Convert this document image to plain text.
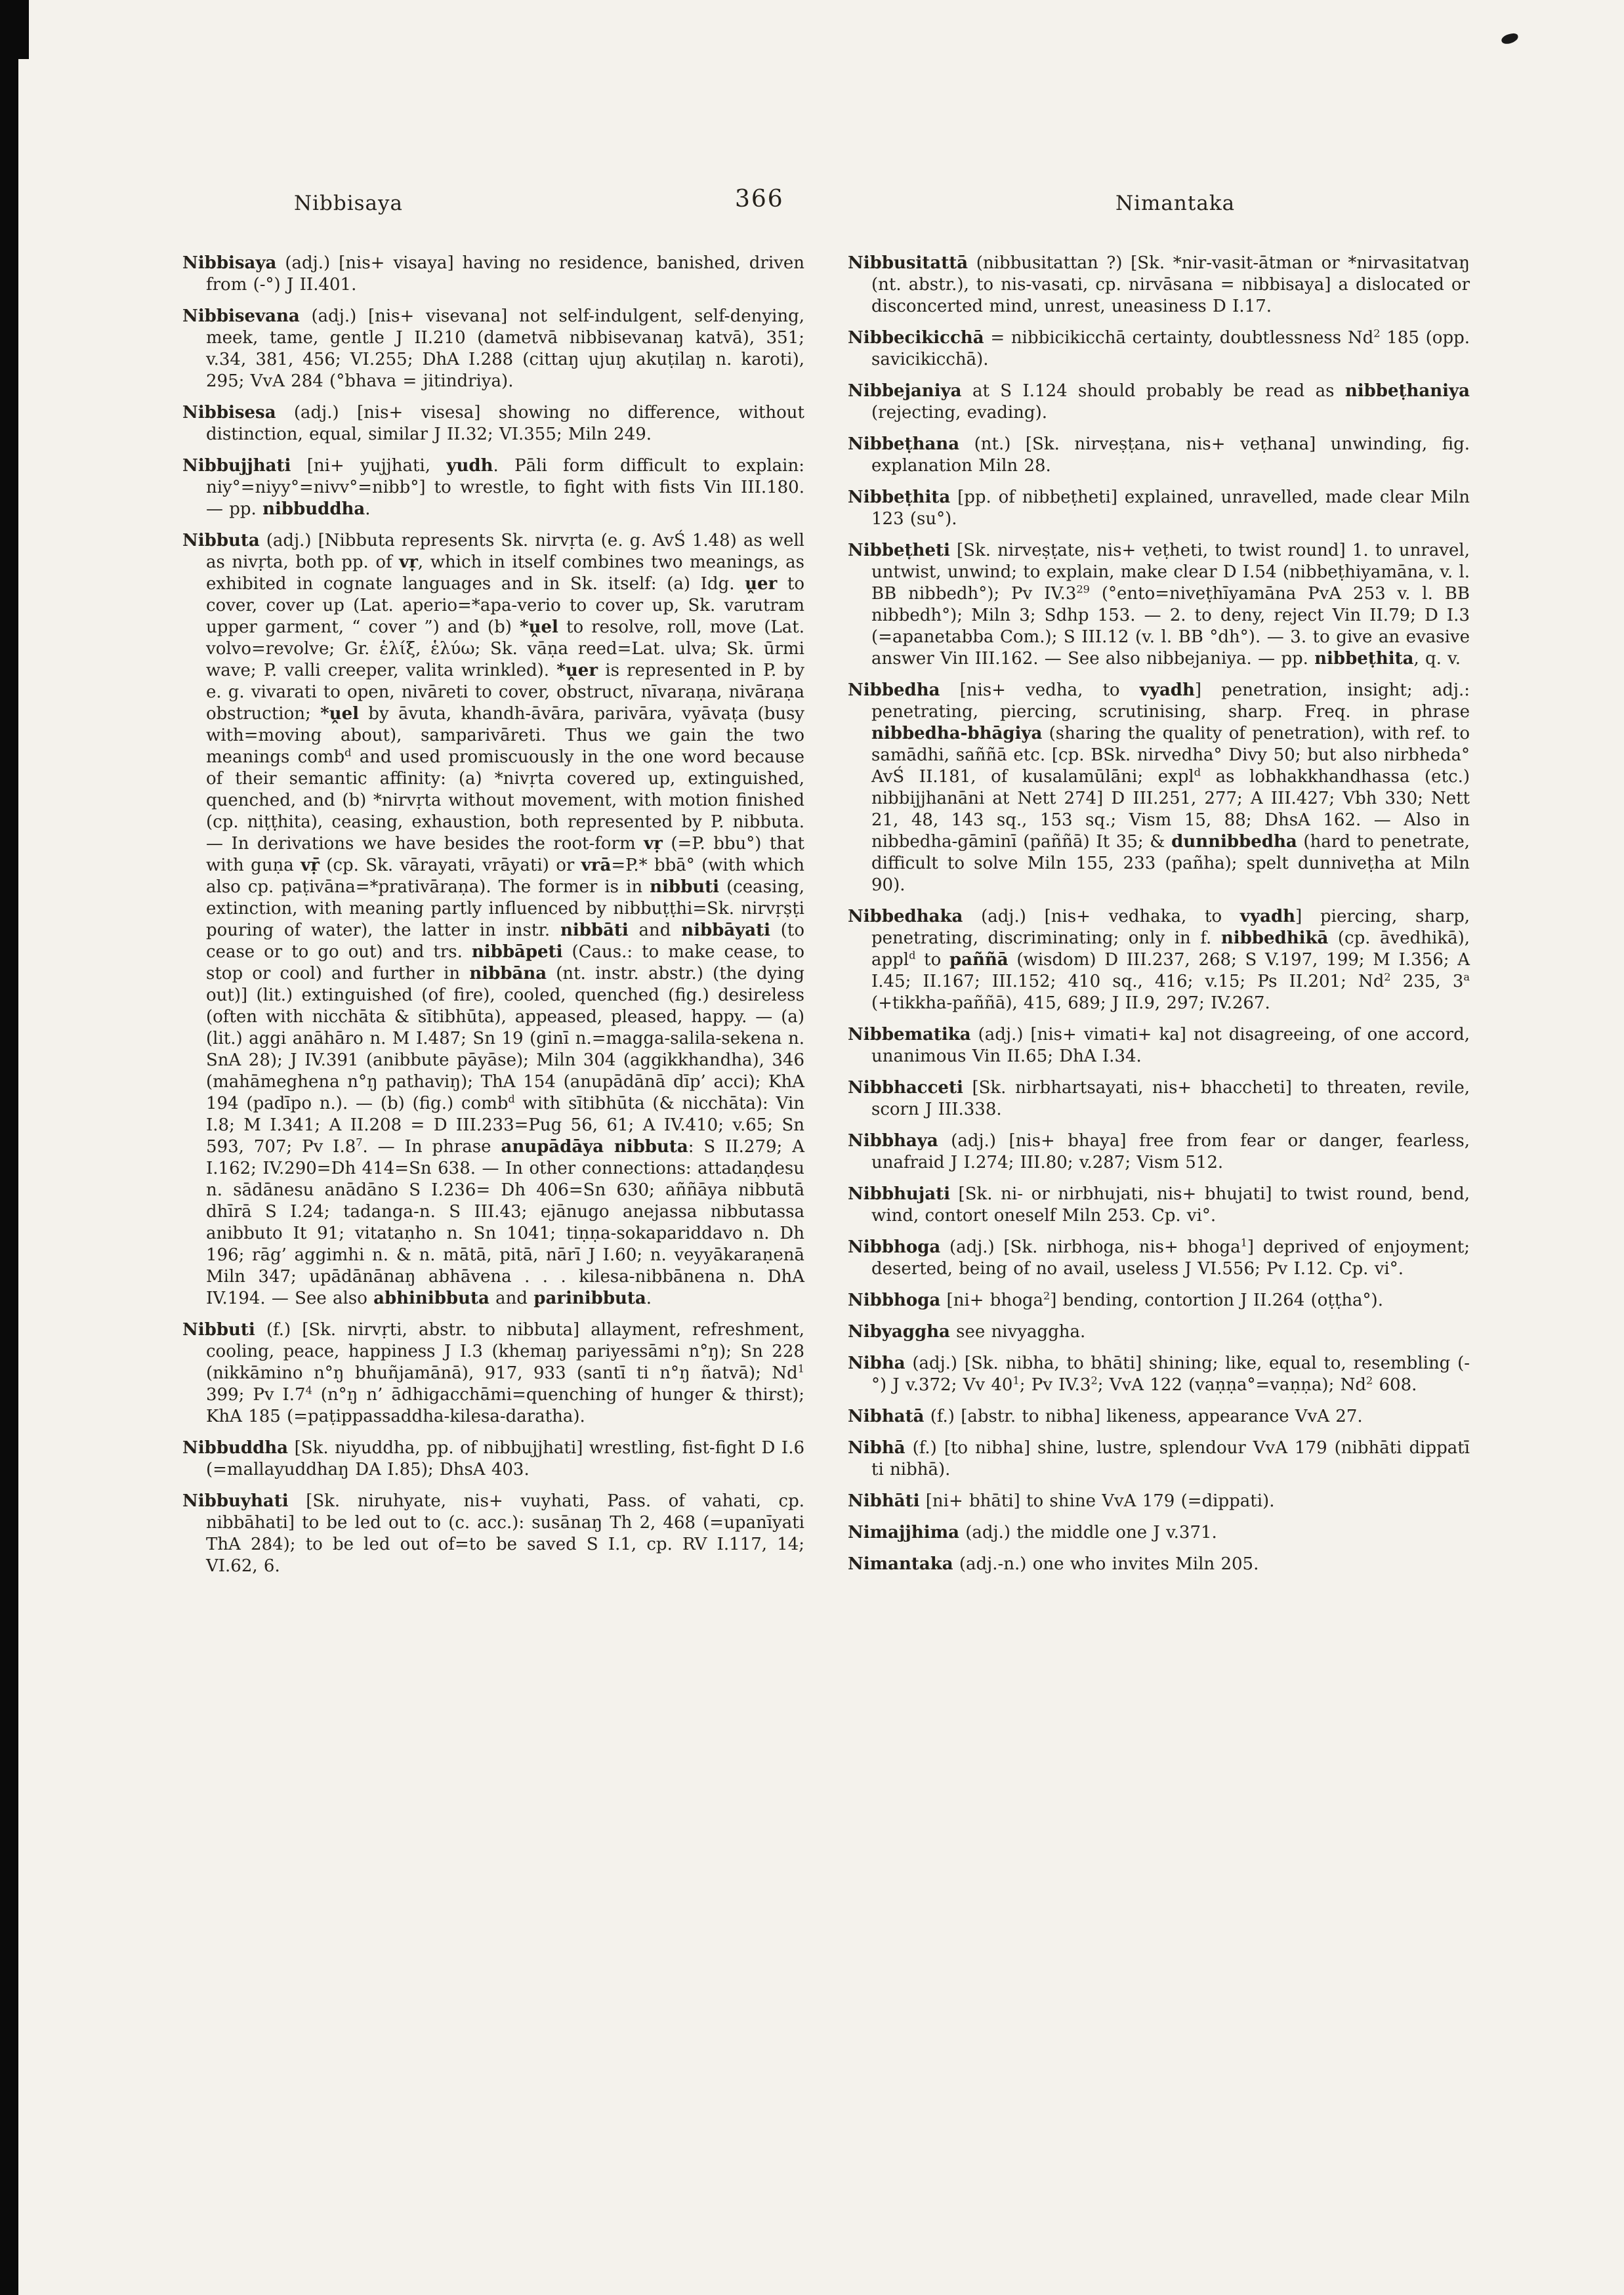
Nibbisaya	366	Nimantaka

Nibbisaya (adj.) [nis+ visaya] having no residence, banished, driven from (-°) J II.401.

Nibbisevana (adj.) [nis+ visevana] not self-indulgent, self-denying, meek, tame, gentle J II.210 (dametvā nibbisevanaŋ katvā), 351; v.34, 381, 456; VI.255; DhA I.288 (cittaŋ ujuŋ akuṭilaŋ n. karoti), 295; VvA 284 (°bhava = jitindriya).

Nibbisesa (adj.) [nis+ visesa] showing no difference, without distinction, equal, similar J II.32; VI.355; Miln 249.

Nibbujjhati [ni+ yujjhati, yudh. Pāli form difficult to explain: niy°=niyy°=nivv°=nibb°] to wrestle, to fight with fists Vin III.180. — pp. nibbuddha.

Nibbuta (adj.) [Nibbuta represents Sk. nirvṛta (e. g. AvŚ 1.48) as well as nivṛta, both pp. of vṛ, which in itself combines two meanings, as exhibited in cognate languages and in Sk. itself: (a) Idg. ṷer to cover, cover up (Lat. aperio=*apa-verio to cover up, Sk. varutram upper garment, “ cover ”) and (b) *ṷel to resolve, roll, move (Lat. volvo=revolve; Gr. ἑλίξ, ἑλύω; Sk. vāṇa reed=Lat. ulva; Sk. ūrmi wave; P. valli creeper, valita wrinkled). *ṷer is represented in P. by e. g. vivarati to open, nivāreti to cover, obstruct, nīvaraṇa, nivāraṇa obstruction; *ṷel by āvuta, khandh-āvāra, parivāra, vyāvaṭa (busy with=moving about), samparivāreti. Thus we gain the two meanings comb$^d$ and used promiscuously in the one word because of their semantic affinity: (a) *nivṛta covered up, extinguished, quenched, and (b) *nirvṛta without movement, with motion finished (cp. niṭṭhita), ceasing, exhaustion, both represented by P. nibbuta. — In derivations we have besides the root-form vṛ (=P. bbu°) that with guṇa vṝ (cp. Sk. vārayati, vrāyati) or vrā=P.* bbā° (with which also cp. paṭivāna=*prativāraṇa). The former is in nibbuti (ceasing, extinction, with meaning partly influenced by nibbuṭṭhi=Sk. nirvṛṣṭi pouring of water), the latter in instr. nibbāti and nibbāyati (to cease or to go out) and trs. nibbāpeti (Caus.: to make cease, to stop or cool) and further in nibbāna (nt. instr. abstr.) (the dying out)] (lit.) extinguished (of fire), cooled, quenched (fig.) desireless (often with nicchāta & sītibhūta), appeased, pleased, happy. — (a) (lit.) aggi anāhāro n. M I.487; Sn 19 (ginī n.=magga-salila-sekena n. SnA 28); J IV.391 (anibbute pāyāse); Miln 304 (aggikkhandha), 346 (mahāmeghena n°ŋ pathaviŋ); ThA 154 (anupādānā dīp’ acci); KhA 194 (padīpo n.). — (b) (fig.) comb$^d$ with sītibhūta (& nicchāta): Vin I.8; M I.341; A II.208 = D III.233=Pug 56, 61; A IV.410; v.65; Sn 593, 707; Pv $I.8^7$. — In phrase anupādāya nibbuta: S II.279; A I.162; IV.290=Dh 414=Sn 638. — In other connections: attadaṇḍesu n. sādānesu anādāno S I.236= Dh 406=Sn 630; aññāya nibbutā dhīrā S I.24; tadanga-n. S III.43; ejānugo anejassa nibbutassa anibbuto It 91; vitataṇho n. Sn 1041; tiṇṇa-sokapariddavo n. Dh 196; rāg’ aggimhi n. & n. mātā, pitā, nārī J I.60; n. veyyākaraṇenā Miln 347; upādānānaŋ abhāvena . . . kilesa-nibbānena n. DhA IV.194. — See also abhinibbuta and parinibbuta.

Nibbuti (f.) [Sk. nirvṛti, abstr. to nibbuta] allayment, refreshment, cooling, peace, happiness J I.3 (khemaŋ pariyessāmi n°ŋ); Sn 228 (nikkāmino n°ŋ bhuñjamānā), 917, 933 (santī ti n°ŋ ñatvā); Nd$^1$ 399; Pv $I.7^4$ (n°ŋ n’ ādhigacchāmi=quenching of hunger & thirst); KhA 185 (=paṭippassaddha-kilesa-daratha).

Nibbuddha [Sk. niyuddha, pp. of nibbujjhati] wrestling, fist-fight D I.6 (=mallayuddhaŋ DA I.85); DhsA 403.

Nibbuyhati [Sk. niruhyate, nis+ vuyhati, Pass. of vahati, cp. nibbāhati] to be led out to (c. acc.): susānaŋ Th 2, 468 (=upanīyati ThA 284); to be led out of=to be saved S I.1, cp. RV I.117, 14; VI.62, 6.

Nibbusitattā (nibbusitattan ?) [Sk. *nir-vasit-ātman or *nirvasitatvaŋ (nt. abstr.), to nis-vasati, cp. nirvāsana = nibbisaya] a dislocated or disconcerted mind, unrest, uneasiness D I.17.

Nibbecikicchā = nibbicikicchā certainty, doubtlessness Nd$^2$ 185 (opp. savicikicchā).

Nibbejaniya at S I.124 should probably be read as nibbeṭhaniya (rejecting, evading).

Nibbeṭhana (nt.) [Sk. nirveṣṭana, nis+ veṭhana] unwinding, fig. explanation Miln 28.

Nibbeṭhita [pp. of nibbeṭheti] explained, unravelled, made clear Miln 123 (su°).

Nibbeṭheti [Sk. nirveṣṭate, nis+ veṭheti, to twist round] 1. to unravel, untwist, unwind; to explain, make clear D I.54 (nibbeṭhiyamāna, v. l. BB nibbedh°); Pv $IV.3^{29}$ (°ento=niveṭhīyamāna PvA 253 v. l. BB nibbedh°); Miln 3; Sdhp 153. — 2. to deny, reject Vin II.79; D I.3 (=apanetabba Com.); S III.12 (v. l. BB °dh°). — 3. to give an evasive answer Vin III.162. — See also nibbejaniya. — pp. nibbeṭhita, q. v.

Nibbedha [nis+ vedha, to vyadh] penetration, insight; adj.: penetrating, piercing, scrutinising, sharp. Freq. in phrase nibbedha-bhāgiya (sharing the quality of penetration), with ref. to samādhi, saññā etc. [cp. BSk. nirvedha° Divy 50; but also nirbheda° AvŚ II.181, of kusalamūlāni; expl$^d$ as lobhakkhandhassa (etc.) nibbijjhanāni at Nett 274] D III.251, 277; A III.427; Vbh 330; Nett 21, 48, 143 sq., 153 sq.; Vism 15, 88; DhsA 162. — Also in nibbedha-gāminī (paññā) It 35; & dunnibbedha (hard to penetrate, difficult to solve Miln 155, 233 (pañha); spelt dunniveṭha at Miln 90).

Nibbedhaka (adj.) [nis+ vedhaka, to vyadh] piercing, sharp, penetrating, discriminating; only in f. nibbedhikā (cp. āvedhikā), appl$^d$ to paññā (wisdom) D III.237, 268; S V.197, 199; M I.356; A I.45; II.167; III.152; 410 sq., 416; v.15; Ps II.201; Nd$^2$ 235, 3$^a$ (+tikkha-paññā), 415, 689; J II.9, 297; IV.267.

Nibbematika (adj.) [nis+ vimati+ ka] not disagreeing, of one accord, unanimous Vin II.65; DhA I.34.

Nibbhacceti [Sk. nirbhartsayati, nis+ bhaccheti] to threaten, revile, scorn J III.338.

Nibbhaya (adj.) [nis+ bhaya] free from fear or danger, fearless, unafraid J I.274; III.80; v.287; Vism 512.

Nibbhujati [Sk. ni- or nirbhujati, nis+ bhujati] to twist round, bend, wind, contort oneself Miln 253. Cp. vi°.

Nibbhoga (adj.) [Sk. nirbhoga, nis+ bhoga$^1$] deprived of enjoyment; deserted, being of no avail, useless J VI.556; Pv I.12. Cp. vi°.

Nibbhoga [ni+ bhoga$^2$] bending, contortion J II.264 (oṭṭha°).

Nibyaggha see nivyaggha.

Nibha (adj.) [Sk. nibha, to bhāti] shining; like, equal to, resembling (-°) J v.372; Vv $40^1$; Pv $IV.3^2$; VvA 122 (vaṇṇa°=vaṇṇa); Nd$^2$ 608.

Nibhatā (f.) [abstr. to nibha] likeness, appearance VvA 27.

Nibhā (f.) [to nibha] shine, lustre, splendour VvA 179 (nibhāti dippatī ti nibhā).

Nibhāti [ni+ bhāti] to shine VvA 179 (=dippati).

Nimajjhima (adj.) the middle one J v.371.

Nimantaka (adj.-n.) one who invites Miln 205.
